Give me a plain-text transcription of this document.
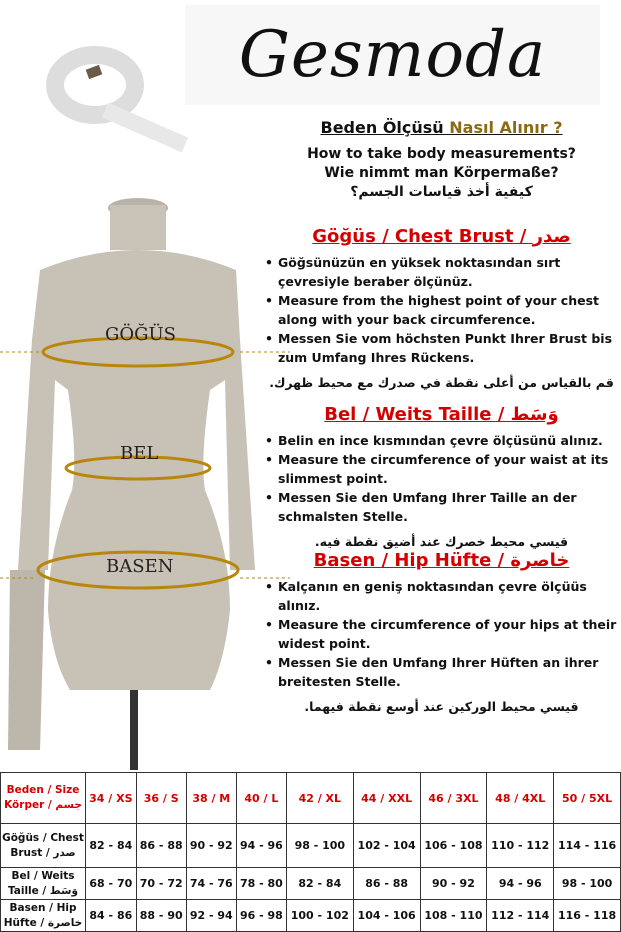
Gesmoda
GÖĞÜS
BEL
BASEN
Beden Ölçüsü Nasıl Alınır ?
How to take body measurements?
Wie nimmt man Körpermaße?
كيفية أخذ قياسات الجسم؟
Göğüs / Chest Brust / صدر
• Göğsünüzün en yüksek noktasından sırt çevresiyle beraber ölçünüz.
• Measure from the highest point of your chest along with your back circumference.
• Messen Sie vom höchsten Punkt Ihrer Brust bis zum Umfang Ihres Rückens.
قم بالقياس من أعلى نقطة في صدرك مع محيط ظهرك.
Bel / Weits Taille / وَسَط
• Belin en ince kısmından çevre ölçüsünü alınız.
• Measure the circumference of your waist at its slimmest point.
• Messen Sie den Umfang Ihrer Taille an der schmalsten Stelle.
قيسي محيط خصرك عند أضيق نقطة فيه.
Basen / Hip Hüfte / خاصرة
• Kalçanın en geniş noktasından çevre ölçüüs alınız.
• Measure the circumference of your hips at their widest point.
• Messen Sie den Umfang Ihrer Hüften an ihrer breitesten Stelle.
قيسي محيط الوركين عند أوسع نقطة فيهما.
Beden / Size
Körper / جسم	34 / XS	36 / S	38 / M	40 / L	42 / XL	44 / XXL	46 / 3XL	48 / 4XL	50 / 5XL

Göğüs / Chest
Brust / صدر	82 - 84	86 - 88	90 - 92	94 - 96	98 - 100	102 - 104	106 - 108	110 - 112	114 - 116

Bel / Weits
Taille / وَسَط	68 - 70	70 - 72	74 - 76	78 - 80	82 - 84	86 - 88	90 - 92	94 - 96	98 - 100

Basen / Hip
Hüfte / خاصرة	84 - 86	88 - 90	92 - 94	96 - 98	100 - 102	104 - 106	108 - 110	112 - 114	116 - 118
